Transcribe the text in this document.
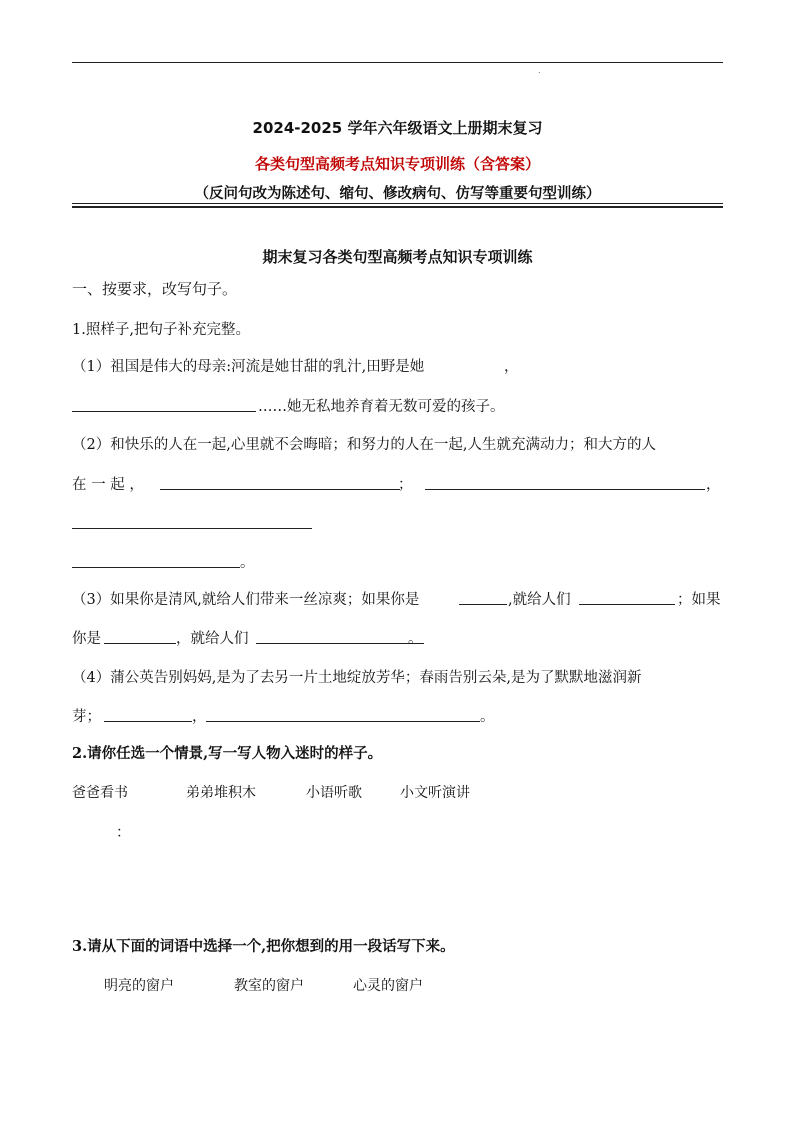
.
2024-2025 学年六年级语文上册期末复习
各类句型高频考点知识专项训练（含答案）
（反问句改为陈述句、缩句、修改病句、仿写等重要句型训练）
期末复习各类句型高频考点知识专项训练
一、按要求，改写句子。
1.照样子,把句子补充完整。
（1）祖国是伟大的母亲:河流是她甘甜的乳汁,田野是她	，
……她无私地养育着无数可爱的孩子。
（2）和快乐的人在一起,心里就不会晦暗；和努力的人在一起,人生就充满动力；和大方的人
在 一 起 ，	；	，
。
（3）如果你是清风,就给人们带来一丝凉爽；如果你是	,就给人们	；如果
你是	，就给人们	。
（4）蒲公英告别妈妈,是为了去另一片土地绽放芳华；春雨告别云朵,是为了默默地滋润新
芽；	，	。
2.请你任选一个情景,写一写人物入迷时的样子。
爸爸看书	弟弟堆积木	小语听歌	小文听演讲
：
3.请从下面的词语中选择一个,把你想到的用一段话写下来。
明亮的窗户	教室的窗户	心灵的窗户
